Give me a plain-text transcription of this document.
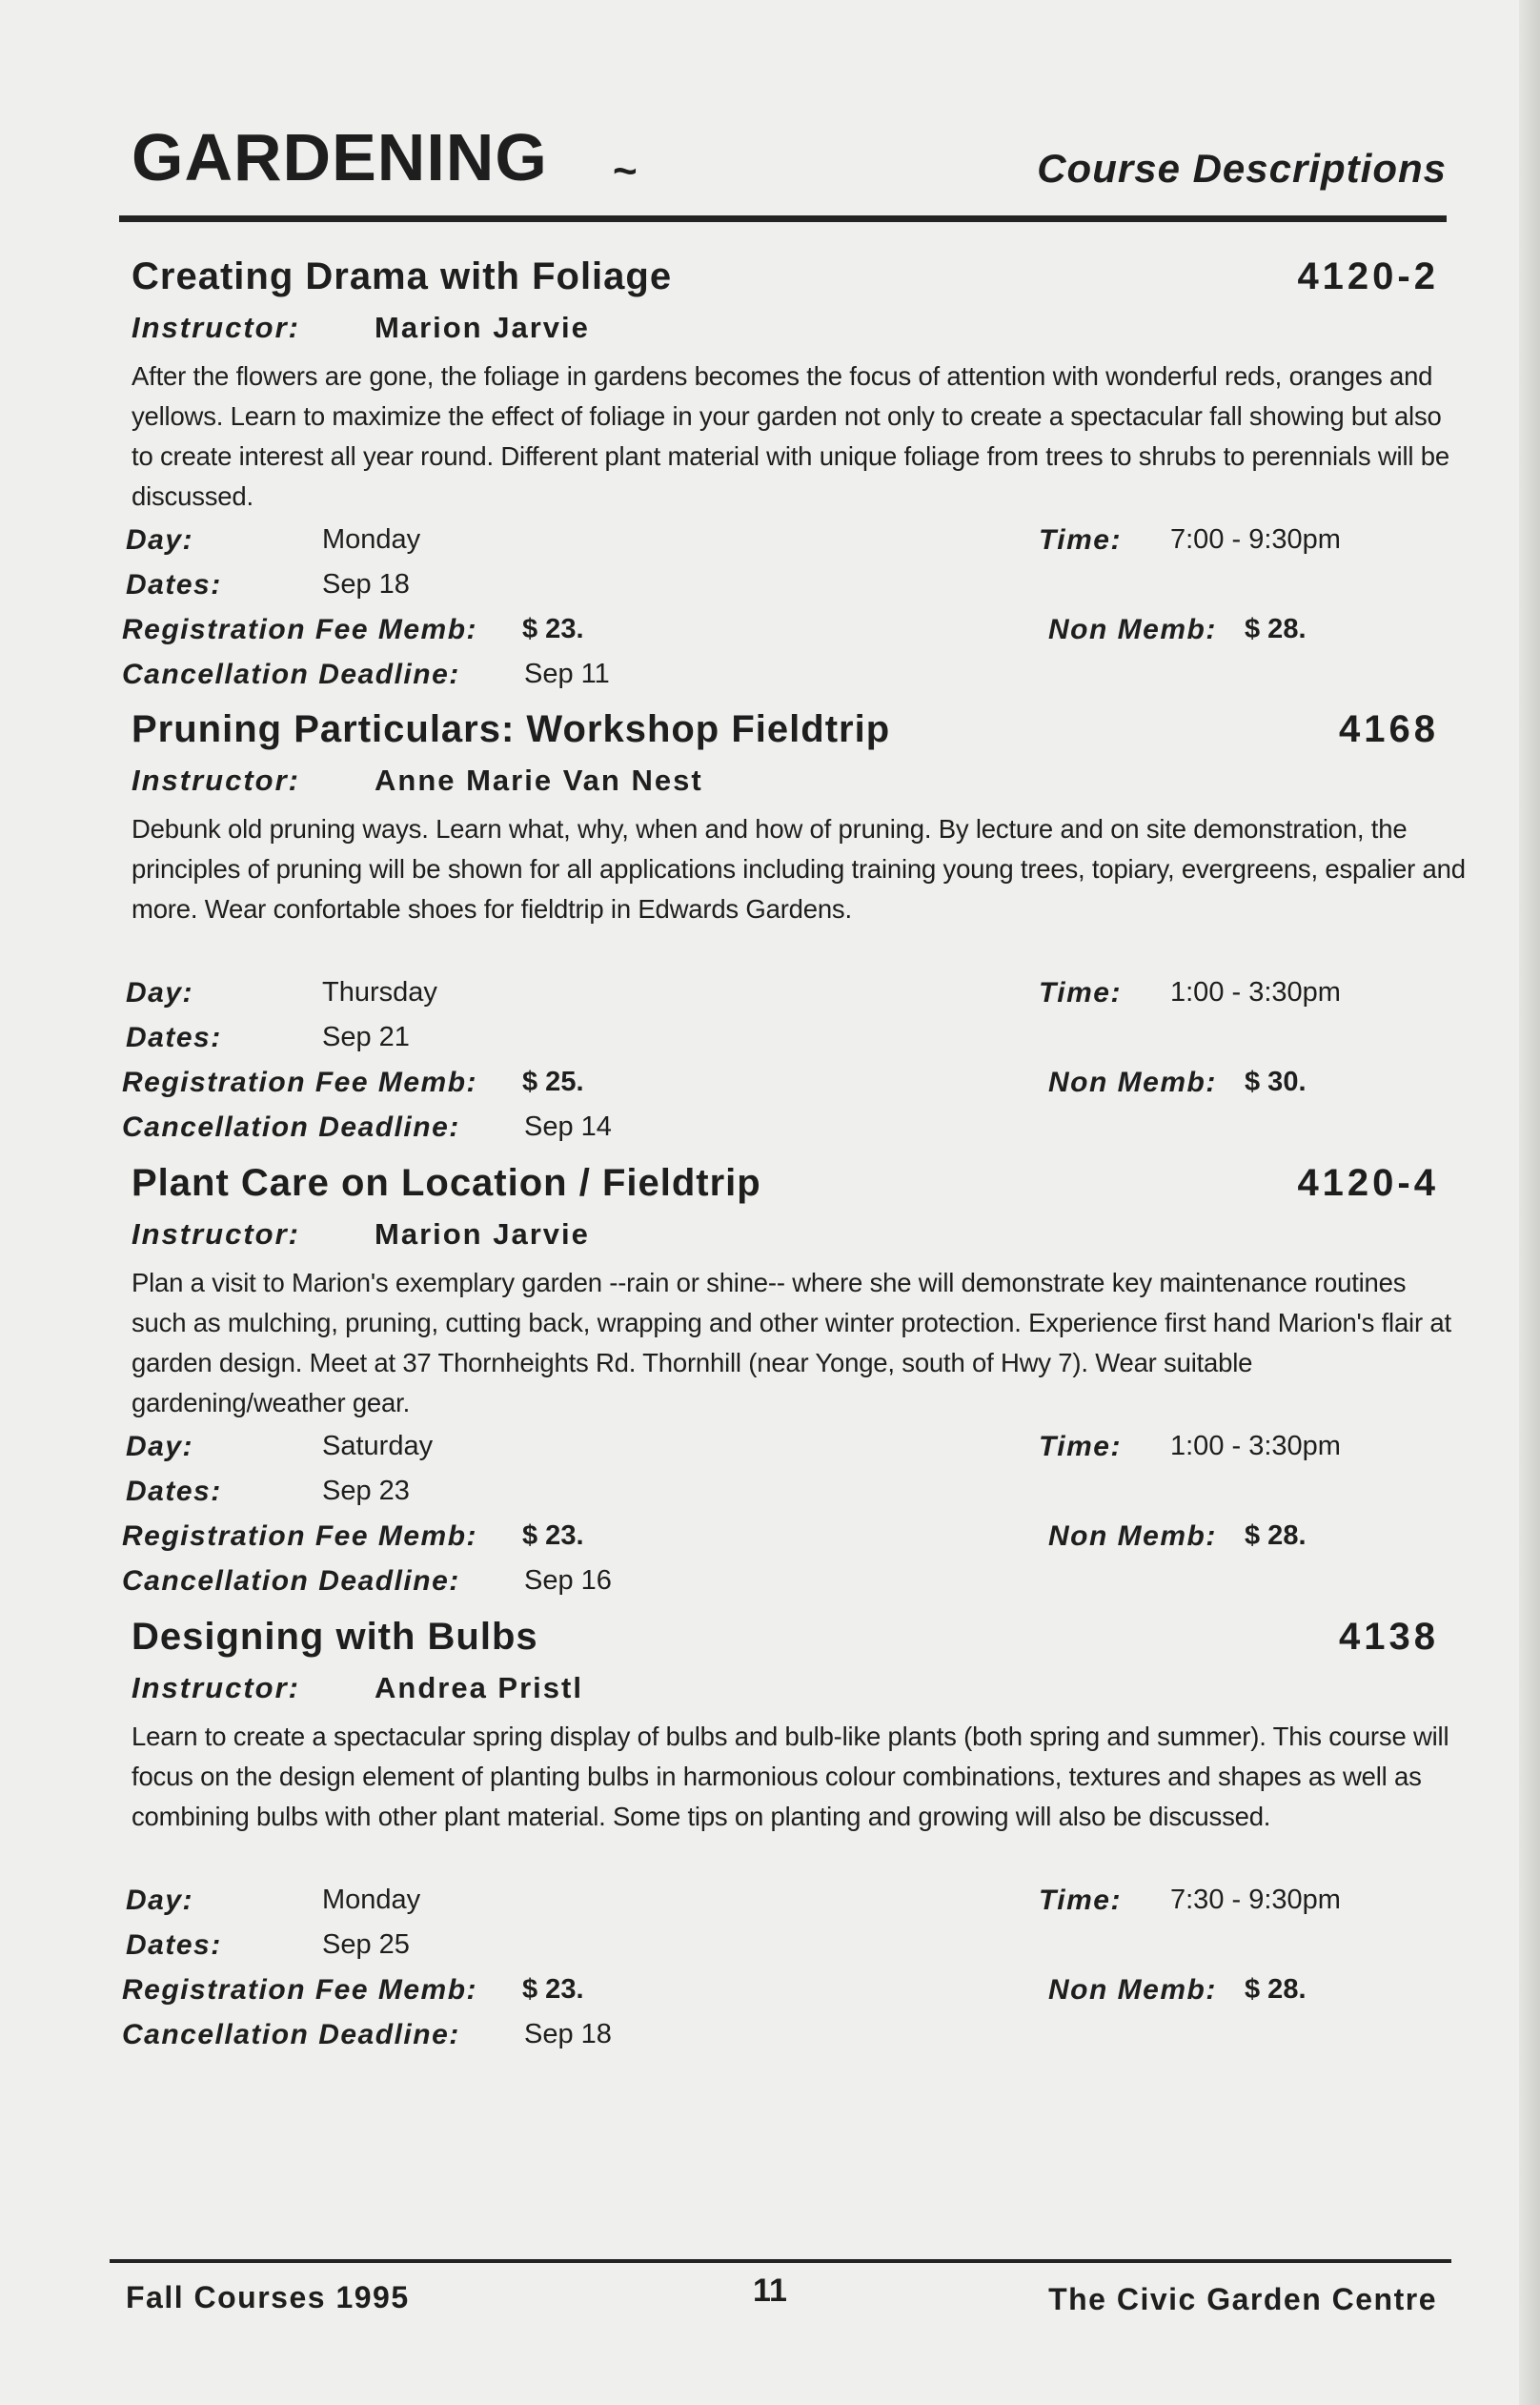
GARDENING ~	Course Descriptions
Creating Drama with Foliage	4120-2
Instructor:	Marion Jarvie
After the flowers are gone, the foliage in gardens becomes the focus of attention with wonderful reds, oranges and yellows. Learn to maximize the effect of foliage in your garden not only to create a spectacular fall showing but also to create interest all year round. Different plant material with unique foliage from trees to shrubs to perennials will be discussed.
Day:	Monday	Time: 7:00 - 9:30pm
Dates:	Sep 18
Registration Fee Memb: $ 23.	Non Memb: $ 28.
Cancellation Deadline: Sep 11
Pruning Particulars: Workshop Fieldtrip	4168
Instructor:	Anne Marie Van Nest
Debunk old pruning ways. Learn what, why, when and how of pruning. By lecture and on site demonstration, the principles of pruning will be shown for all applications including training young trees, topiary, evergreens, espalier and more. Wear confortable shoes for fieldtrip in Edwards Gardens.
Day:	Thursday	Time: 1:00 - 3:30pm
Dates:	Sep 21
Registration Fee Memb: $ 25.	Non Memb: $ 30.
Cancellation Deadline: Sep 14
Plant Care on Location / Fieldtrip	4120-4
Instructor:	Marion Jarvie
Plan a visit to Marion's exemplary garden --rain or shine-- where she will demonstrate key maintenance routines such as mulching, pruning, cutting back, wrapping and other winter protection. Experience first hand Marion's flair at garden design. Meet at 37 Thornheights Rd. Thornhill (near Yonge, south of Hwy 7). Wear suitable gardening/weather gear.
Day:	Saturday	Time: 1:00 - 3:30pm
Dates:	Sep 23
Registration Fee Memb: $ 23.	Non Memb: $ 28.
Cancellation Deadline: Sep 16
Designing with Bulbs	4138
Instructor:	Andrea Pristl
Learn to create a spectacular spring display of bulbs and bulb-like plants (both spring and summer). This course will focus on the design element of planting bulbs in harmonious colour combinations, textures and shapes as well as combining bulbs with other plant material. Some tips on planting and growing will also be discussed.
Day:	Monday	Time: 7:30 - 9:30pm
Dates:	Sep 25
Registration Fee Memb: $ 23.	Non Memb: $ 28.
Cancellation Deadline: Sep 18
Fall Courses 1995	11	The Civic Garden Centre
